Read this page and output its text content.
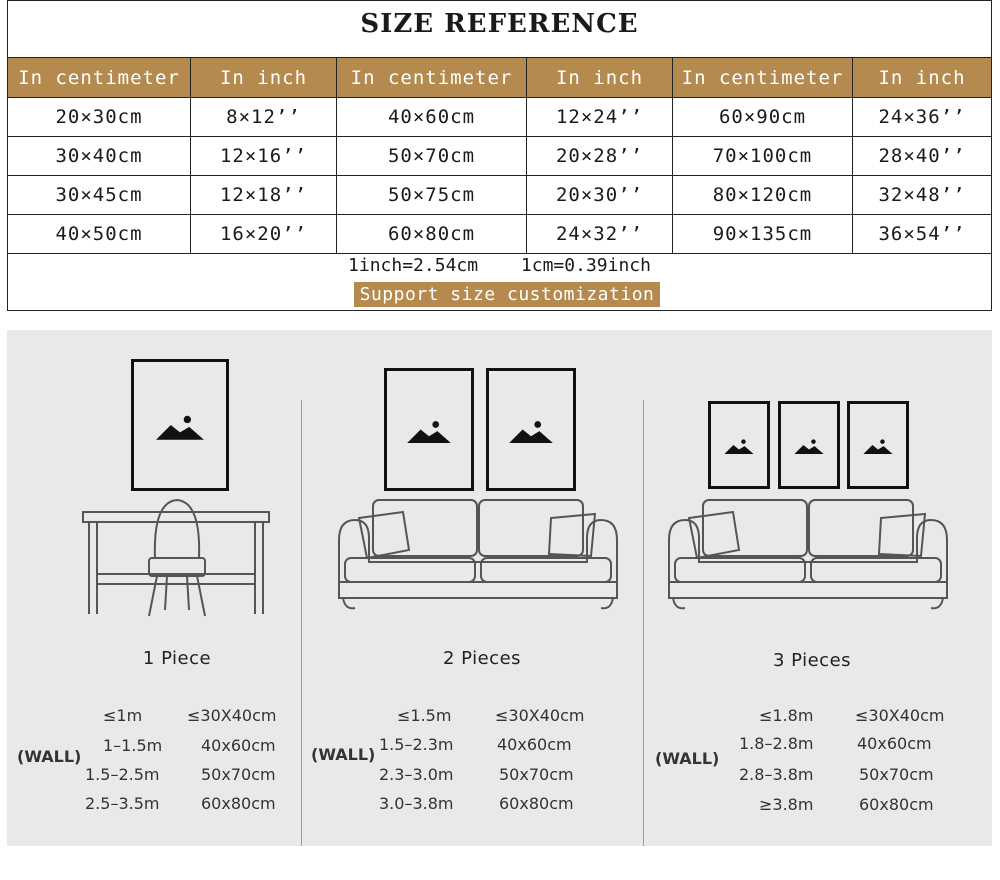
SIZE REFERENCE
In centimeter	In inch	In centimeter	In inch	In centimeter	In inch
20×30cm	8×12’’	40×60cm	12×24’’	60×90cm	24×36’’
30×40cm	12×16’’	50×70cm	20×28’’	70×100cm	28×40’’
30×45cm	12×18’’	50×75cm	20×30’’	80×120cm	32×48’’
40×50cm	16×20’’	60×80cm	24×32’’	90×135cm	36×54’’
1inch=2.54cm 1cm=0.39inch
Support size customization
1 Piece
(WALL)
≤1m	≤30X40cm
1–1.5m 40x60cm
1.5–2.5m	50x70cm
2.5–3.5m	60x80cm
2 Pieces
(WALL)
≤1.5m	≤30X40cm
1.5–2.3m	40x60cm
2.3–3.0m	50x70cm
3.0–3.8m	60x80cm
3 Pieces
(WALL)
≤1.8m	≤30X40cm
1.8–2.8m	40x60cm
2.8–3.8m	50x70cm
≥3.8m	60x80cm
